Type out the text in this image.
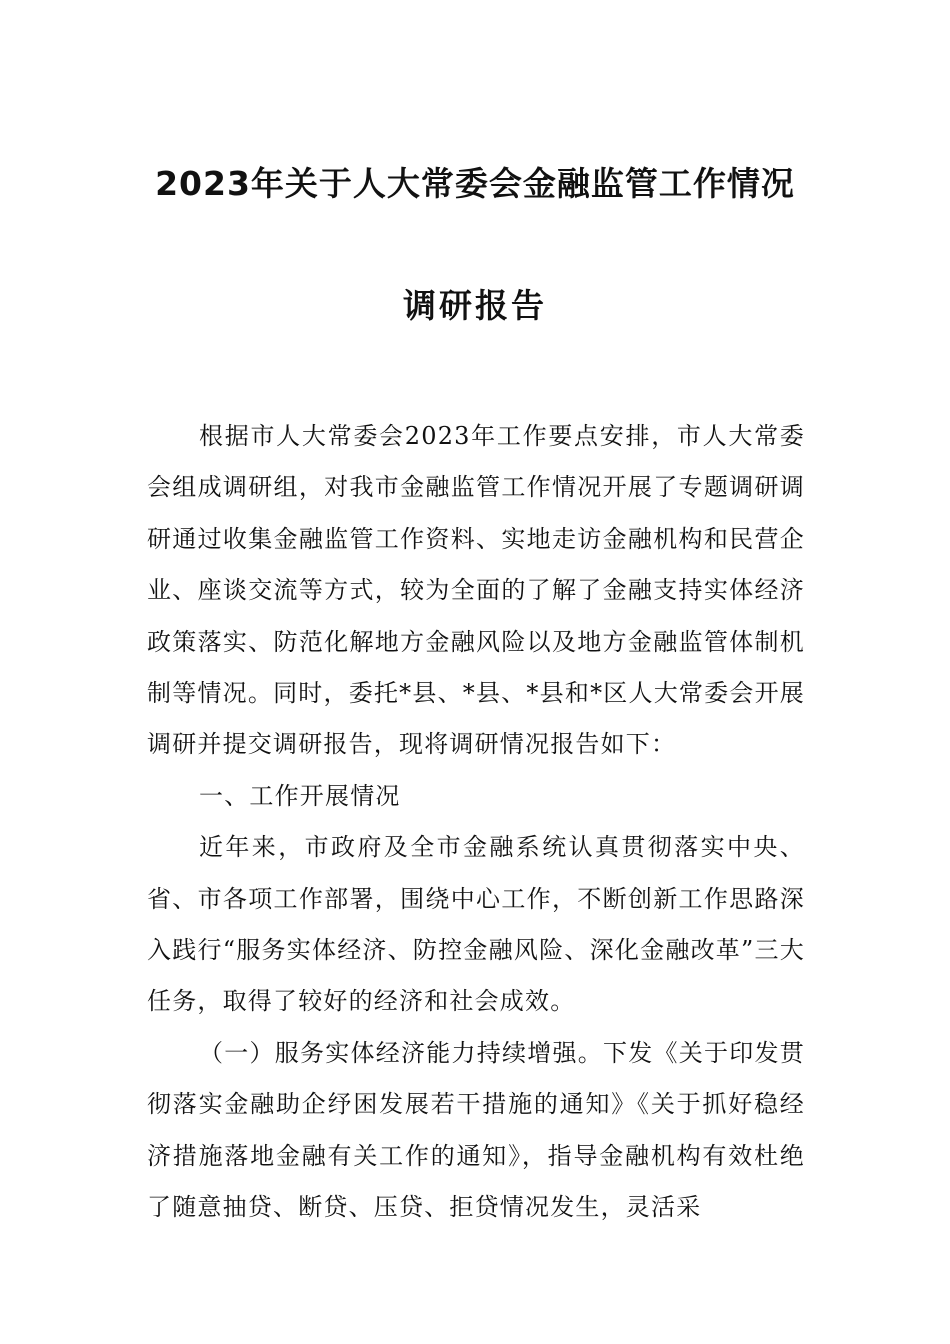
2023年关于人大常委会金融监管工作情况
调研报告

根据市人大常委会2023年工作要点安排，市人大常委会组成调研组，对我市金融监管工作情况开展了专题调研调研通过收集金融监管工作资料、实地走访金融机构和民营企业、座谈交流等方式，较为全面的了解了金融支持实体经济政策落实、防范化解地方金融风险以及地方金融监管体制机制等情况。同时，委托*县、*县、*县和*区人大常委会开展调研并提交调研报告，现将调研情况报告如下：

一、工作开展情况

近年来，市政府及全市金融系统认真贯彻落实中央、省、市各项工作部署，围绕中心工作，不断创新工作思路深入践行“服务实体经济、防控金融风险、深化金融改革”三大任务，取得了较好的经济和社会成效。

（一）服务实体经济能力持续增强。下发《关于印发贯彻落实金融助企纾困发展若干措施的通知》《关于抓好稳经济措施落地金融有关工作的通知》，指导金融机构有效杜绝了随意抽贷、断贷、压贷、拒贷情况发生，灵活采
